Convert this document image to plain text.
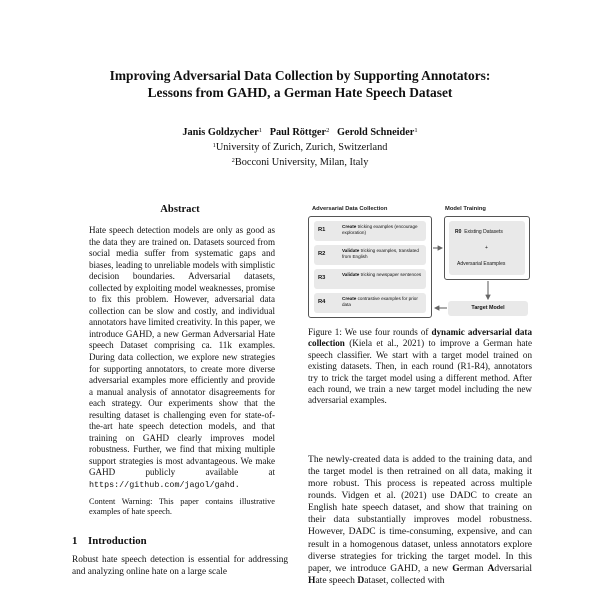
Improving Adversarial Data Collection by Supporting Annotators:
Lessons from GAHD, a German Hate Speech Dataset
Janis Goldzycher$^1$ Paul Röttger$^2$ Gerold Schneider$^1$
$^1$University of Zurich, Zurich, Switzerland
$^2$Bocconi University, Milan, Italy
Abstract
Hate speech detection models are only as good as the data they are trained on. Datasets sourced from social media suffer from systematic gaps and biases, leading to unreliable models with simplistic decision boundaries. Adversarial datasets, collected by exploiting model weaknesses, promise to fix this problem. However, adversarial data collection can be slow and costly, and individual annotators have limited creativity. In this paper, we introduce GAHD, a new German Adversarial Hate speech Dataset comprising ca. 11k examples. During data collection, we explore new strategies for supporting annotators, to create more diverse adversarial examples more efficiently and provide a manual analysis of annotator disagreements for each strategy. Our experiments show that the resulting dataset is challenging even for state-of-the-art hate speech detection models, and that training on GAHD clearly improves model robustness. Further, we find that mixing multiple support strategies is most advantageous. We make GAHD publicly available at https://github.com/jagol/gahd.
Content Warning: This paper contains illustrative examples of hate speech.
1 Introduction
Robust hate speech detection is essential for addressing and analyzing online hate on a large scale
Adversarial Data Collection	Model Training
R1
Create tricking examples (encourage exploration)
R2
Validate tricking examples, translated from English
R3
Validate tricking newspaper sentences
R4
Create contrastive examples for prior data
R0 Existing Datasets
+
Adversarial Examples
Target Model
Figure 1: We use four rounds of dynamic adversarial data collection (Kiela et al., 2021) to improve a German hate speech classifier. We start with a target model trained on existing datasets. Then, in each round (R1-R4), annotators try to trick the target model using a different method. After each round, we train a new target model including the new adversarial examples.
The newly-created data is added to the training data, and the target model is then retrained on all data, making it more robust. This process is repeated across multiple rounds. Vidgen et al. (2021) use DADC to create an English hate speech dataset, and show that training on their data substantially improves model robustness. However, DADC is time-consuming, expensive, and can result in a homogenous dataset, unless annotators explore diverse strategies for tricking the target model. In this paper, we introduce GAHD, a new German Adversarial Hate speech Dataset, collected with
